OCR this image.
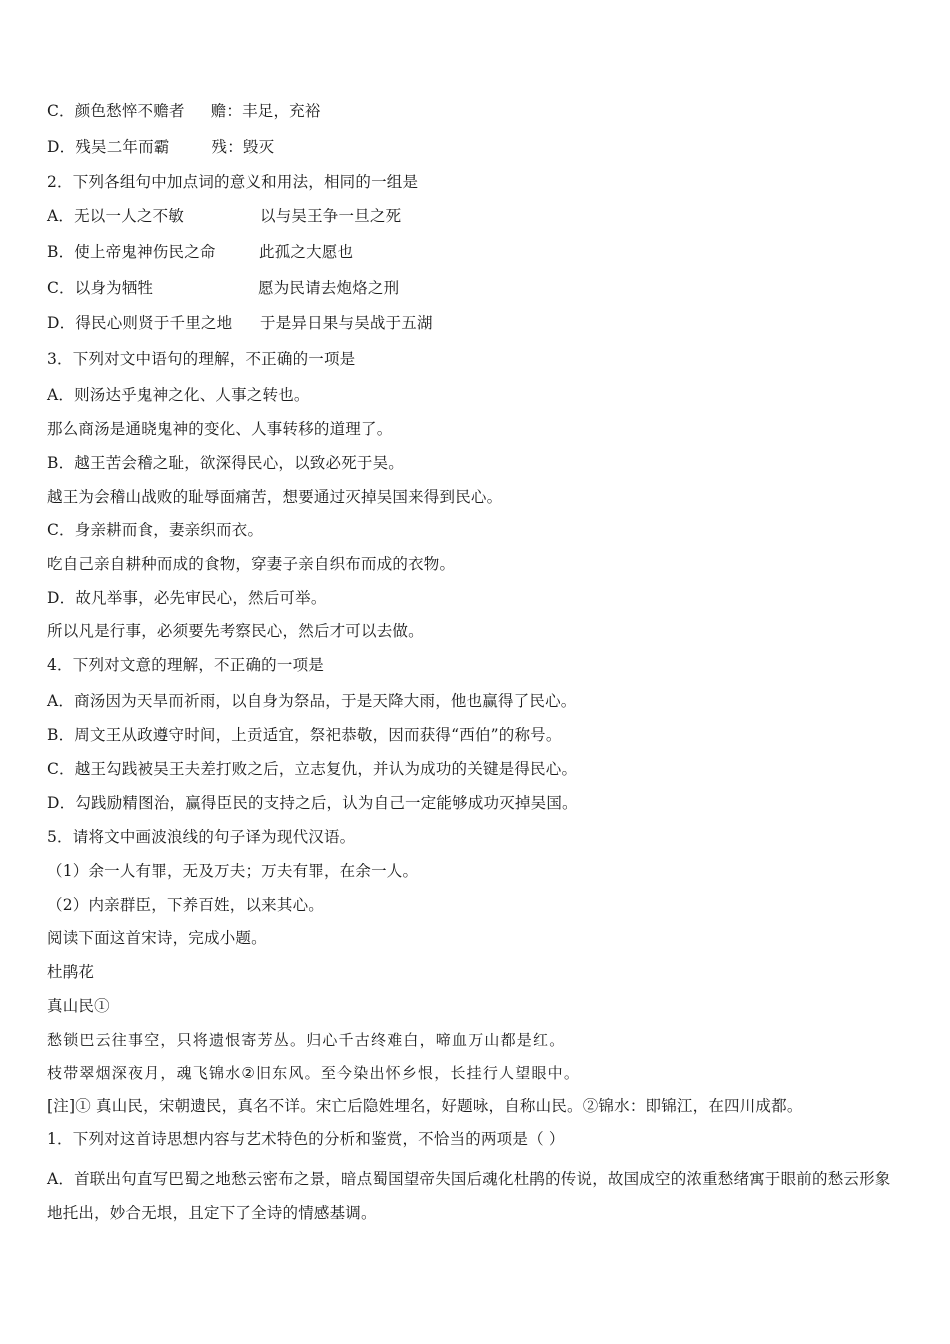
C．颜色愁悴不赡者 赡：丰足，充裕
D．残吴二年而霸	残：毁灭
2．下列各组句中加点词的意义和用法，相同的一组是
A．无以一人之不敏	以与吴王争一旦之死
B．使上帝鬼神伤民之命	此孤之大愿也
C．以身为牺牲	愿为民请去炮烙之刑
D．得民心则贤于千里之地 于是异日果与吴战于五湖
3．下列对文中语句的理解，不正确的一项是
A．则汤达乎鬼神之化、人事之转也。
那么商汤是通晓鬼神的变化、人事转移的道理了。
B．越王苦会稽之耻，欲深得民心，以致必死于吴。
越王为会稽山战败的耻辱面痛苦，想要通过灭掉吴国来得到民心。
C．身亲耕而食，妻亲织而衣。
吃自己亲自耕种而成的食物，穿妻子亲自织布而成的衣物。
D．故凡举事，必先审民心，然后可举。
所以凡是行事，必须要先考察民心，然后才可以去做。
4．下列对文意的理解，不正确的一项是
A．商汤因为天旱而祈雨，以自身为祭品，于是天降大雨，他也赢得了民心。
B．周文王从政遵守时间，上贡适宜，祭祀恭敬，因而获得“西伯”的称号。
C．越王勾践被吴王夫差打败之后，立志复仇，并认为成功的关键是得民心。
D．勾践励精图治，赢得臣民的支持之后，认为自己一定能够成功灭掉吴国。
5．请将文中画波浪线的句子译为现代汉语。
（1）余一人有罪，无及万夫；万夫有罪，在余一人。
（2）内亲群臣，下养百姓，以来其心。
阅读下面这首宋诗，完成小题。
杜鹃花
真山民①
愁锁巴云往事空，只将遗恨寄芳丛。归心千古终难白，啼血万山都是红。
枝带翠烟深夜月，魂飞锦水②旧东风。至今染出怀乡恨，长挂行人望眼中。
[注]① 真山民，宋朝遗民，真名不详。宋亡后隐姓埋名，好题咏，自称山民。②锦水：即锦江，在四川成都。
1．下列对这首诗思想内容与艺术特色的分析和鉴赏，不恰当的两项是（ ）
A．首联出句直写巴蜀之地愁云密布之景，暗点蜀国望帝失国后魂化杜鹃的传说，故国成空的浓重愁绪寓于眼前的愁云形象地托出，妙合无垠，且定下了全诗的情感基调。
